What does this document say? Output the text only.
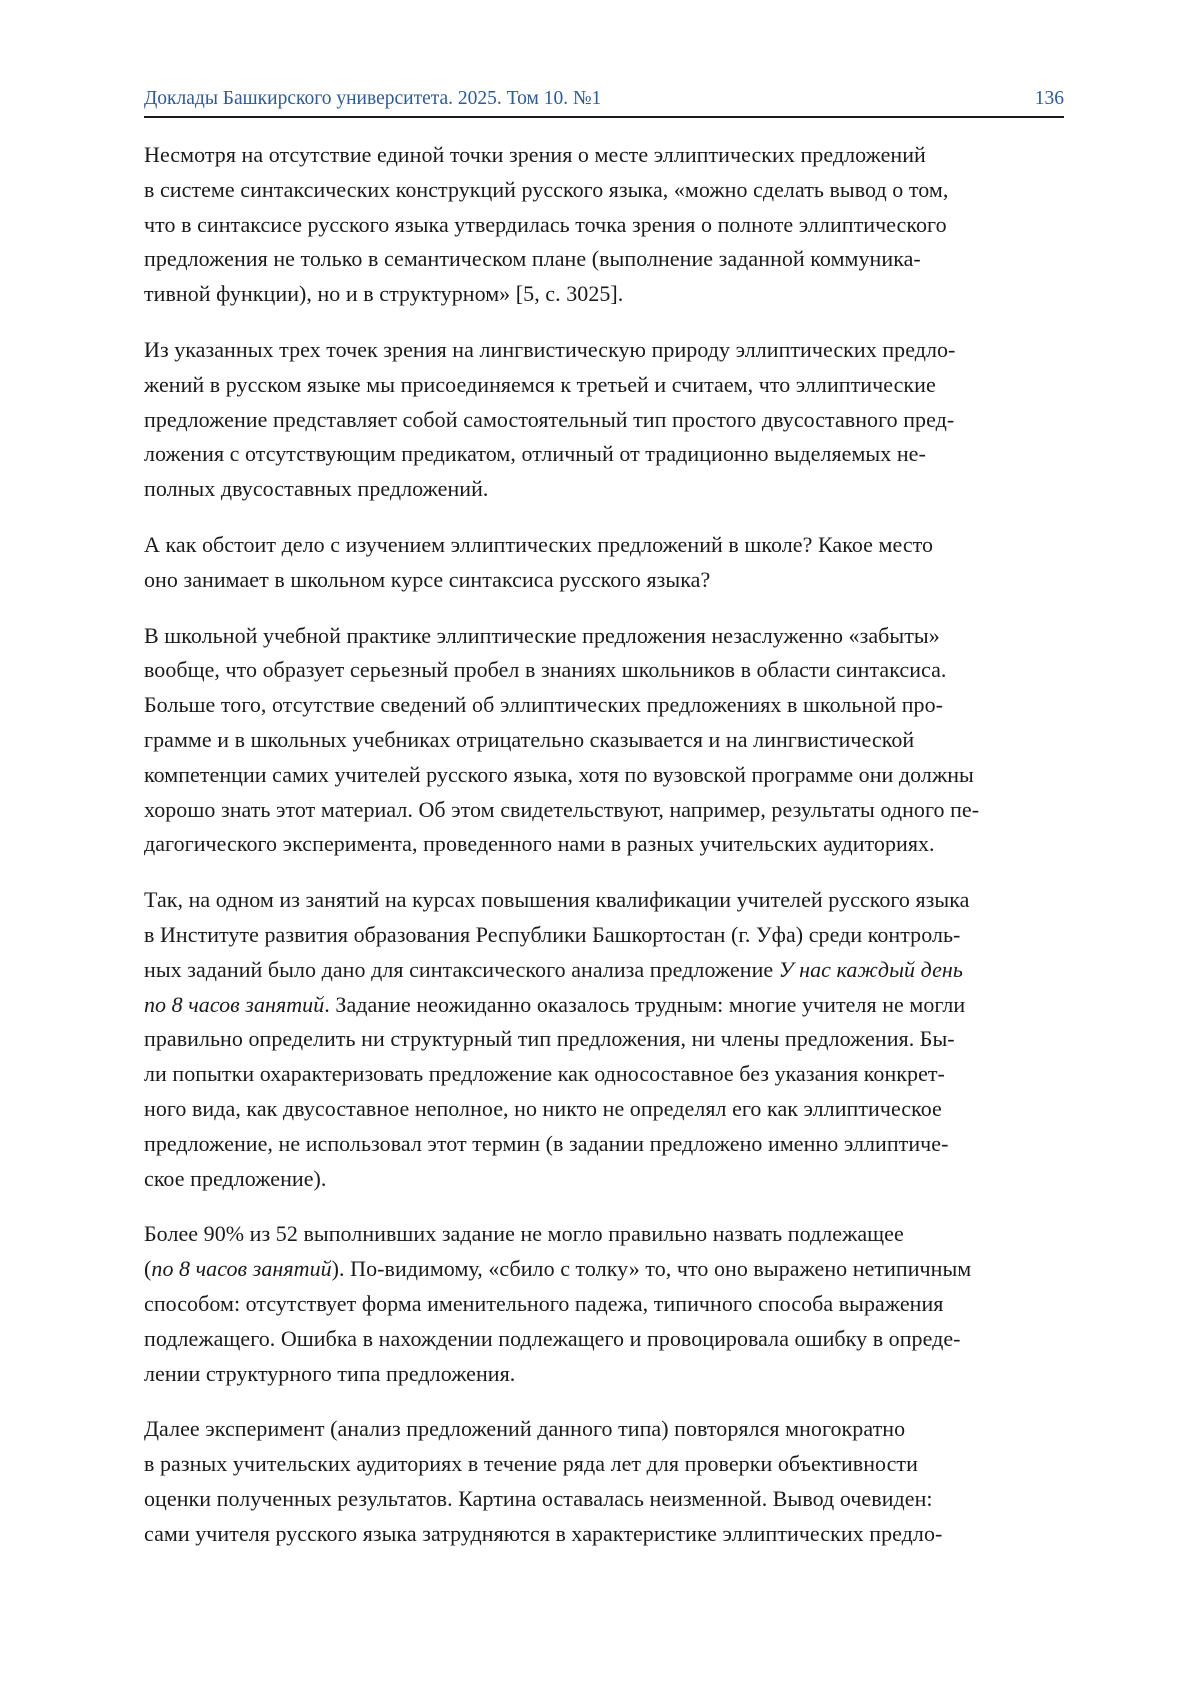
Доклады Башкирского университета. 2025. Том 10. №1	136

Несмотря на отсутствие единой точки зрения о месте эллиптических предложений
в системе синтаксических конструкций русского языка, «можно сделать вывод о том,
что в синтаксисе русского языка утвердилась точка зрения о полноте эллиптического
предложения не только в семантическом плане (выполнение заданной коммуника-
тивной функции), но и в структурном» [5, с. 3025].

Из указанных трех точек зрения на лингвистическую природу эллиптических предло-
жений в русском языке мы присоединяемся к третьей и считаем, что эллиптические
предложение представляет собой самостоятельный тип простого двусоставного пред-
ложения с отсутствующим предикатом, отличный от традиционно выделяемых не-
полных двусоставных предложений.

А как обстоит дело с изучением эллиптических предложений в школе? Какое место
оно занимает в школьном курсе синтаксиса русского языка?

В школьной учебной практике эллиптические предложения незаслуженно «забыты»
вообще, что образует серьезный пробел в знаниях школьников в области синтаксиса.
Больше того, отсутствие сведений об эллиптических предложениях в школьной про-
грамме и в школьных учебниках отрицательно сказывается и на лингвистической
компетенции самих учителей русского языка, хотя по вузовской программе они должны
хорошо знать этот материал. Об этом свидетельствуют, например, результаты одного пе-
дагогического эксперимента, проведенного нами в разных учительских аудиториях.

Так, на одном из занятий на курсах повышения квалификации учителей русского языка
в Институте развития образования Республики Башкортостан (г. Уфа) среди контроль-
ных заданий было дано для синтаксического анализа предложение У нас каждый день
по 8 часов занятий. Задание неожиданно оказалось трудным: многие учителя не могли
правильно определить ни структурный тип предложения, ни члены предложения. Бы-
ли попытки охарактеризовать предложение как односоставное без указания конкрет-
ного вида, как двусоставное неполное, но никто не определял его как эллиптическое
предложение, не использовал этот термин (в задании предложено именно эллиптиче-
ское предложение).

Более 90% из 52 выполнивших задание не могло правильно назвать подлежащее
(по 8 часов занятий). По-видимому, «сбило с толку» то, что оно выражено нетипичным
способом: отсутствует форма именительного падежа, типичного способа выражения
подлежащего. Ошибка в нахождении подлежащего и провоцировала ошибку в опреде-
лении структурного типа предложения.

Далее эксперимент (анализ предложений данного типа) повторялся многократно
в разных учительских аудиториях в течение ряда лет для проверки объективности
оценки полученных результатов. Картина оставалась неизменной. Вывод очевиден:
сами учителя русского языка затрудняются в характеристике эллиптических предло-
